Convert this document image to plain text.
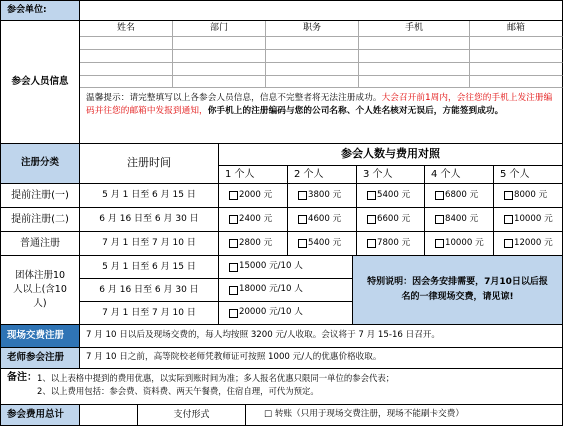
参会单位:
参会人员信息
姓名	部门	职务	手机	邮箱
温馨提示：请完整填写以上各参会人员信息，信息不完整者将无法注册成功。大会召开前1周内，会往您的手机上发注册编码并往您的邮箱中发报到通知，你手机上的注册编码与您的公司名称、个人姓名核对无误后，方能签到成功。
注册分类	注册时间
参会人数与费用对照
1 个人	2 个人	3 个人	4 个人	5 个人
提前注册(一)	5 月 1 日至 6 月 15 日	2000 元	3800 元	5400 元	6800 元	8000 元
提前注册(二)	6 月 16 日至 6 月 30 日	2400 元	4600 元	6600 元	8400 元	10000 元
普通注册	7 月 1 日至 7 月 10 日	2800 元	5400 元	7800 元	10000 元	12000 元
团体注册10人以上(含10人)
5 月 1 日至 6 月 15 日	15000 元/10 人
6 月 16 日至 6 月 30 日	18000 元/10 人
7 月 1 日至 7 月 10 日	20000 元/10 人
特别说明：因会务安排需要，7月10日以后报名的一律现场交费，请见谅!
现场交费注册	7 月 10 日以后及现场交费的，每人均按照 3200 元/人收取。会议将于 7 月 15-16 日召开。
老师参会注册	7 月 10 日之前，高等院校老师凭教师证可按照 1000 元/人的优惠价格收取。
备注： 1、以上表格中提到的费用优惠，以实际到账时间为准；多人报名优惠只限同一单位的参会代表；
2、以上费用包括：参会费、资料费、两天午餐费，住宿自理，可代为预定。
参会费用总计	支付形式	□ 转账（只用于现场交费注册，现场不能刷卡交费）
